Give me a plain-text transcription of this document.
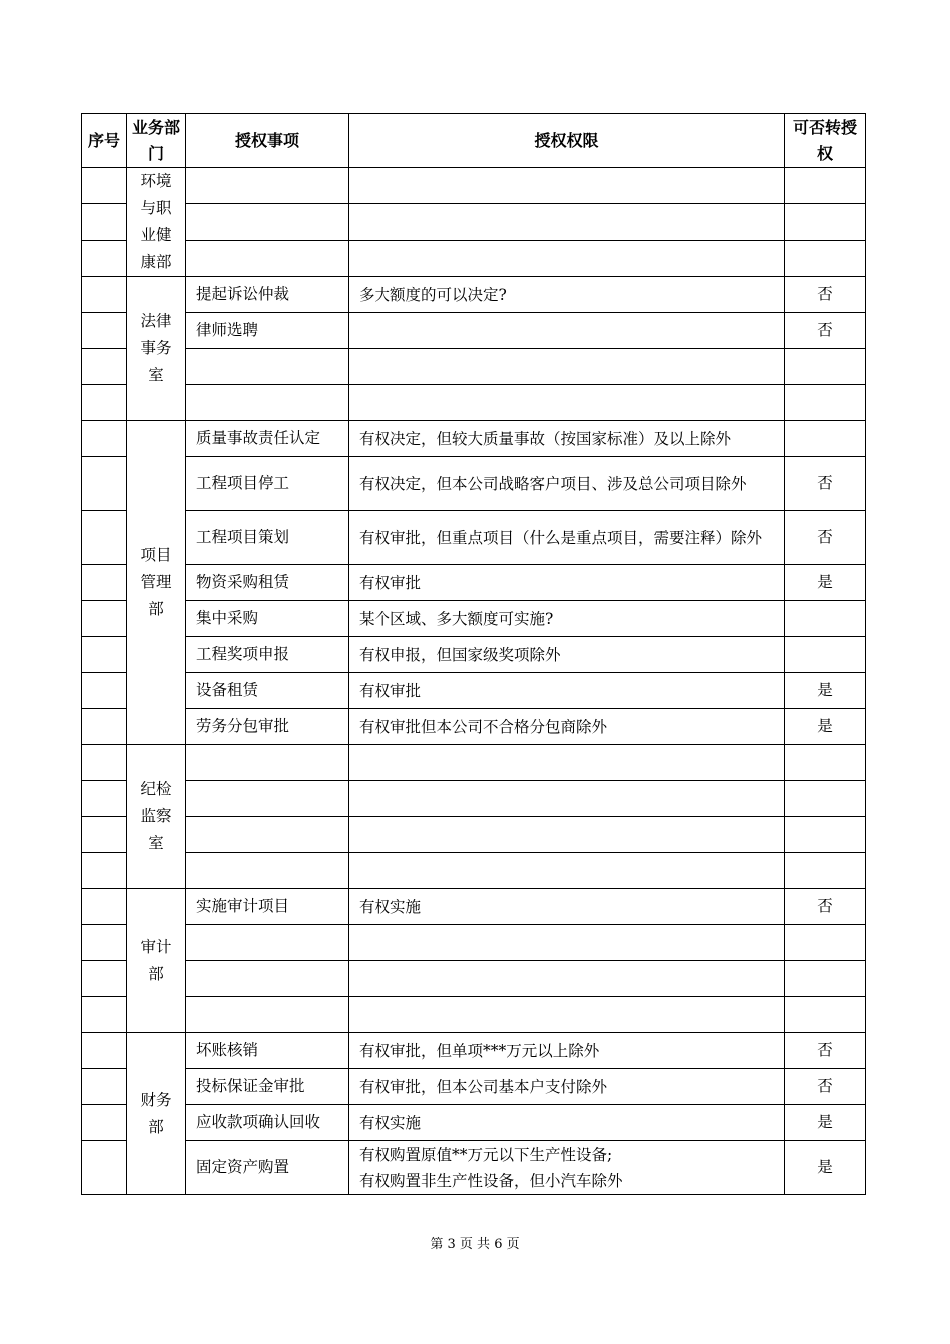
序号	业务部门	授权事项	授权权限	可否转授权
	环境与职业健康部			

	法律事务室	提起诉讼仲裁	多大额度的可以决定?	否
		律师选聘		否

	项目管理部	质量事故责任认定	有权决定，但较大质量事故（按国家标准）及以上除外	
		工程项目停工	有权决定，但本公司战略客户项目、涉及总公司项目除外	否
		工程项目策划	有权审批，但重点项目（什么是重点项目，需要注释）除外	否
		物资采购租赁	有权审批	是
		集中采购	某个区域、多大额度可实施?	
		工程奖项申报	有权申报，但国家级奖项除外	
		设备租赁	有权审批	是
		劳务分包审批	有权审批但本公司不合格分包商除外	是
	纪检监察室			

	审计部	实施审计项目	有权实施	否

	财务部	坏账核销	有权审批，但单项***万元以上除外	否
		投标保证金审批	有权审批，但本公司基本户支付除外	否
		应收款项确认回收	有权实施	是
		固定资产购置	有权购置原值**万元以下生产性设备;
有权购置非生产性设备，但小汽车除外	是
第 3 页 共 6 页
